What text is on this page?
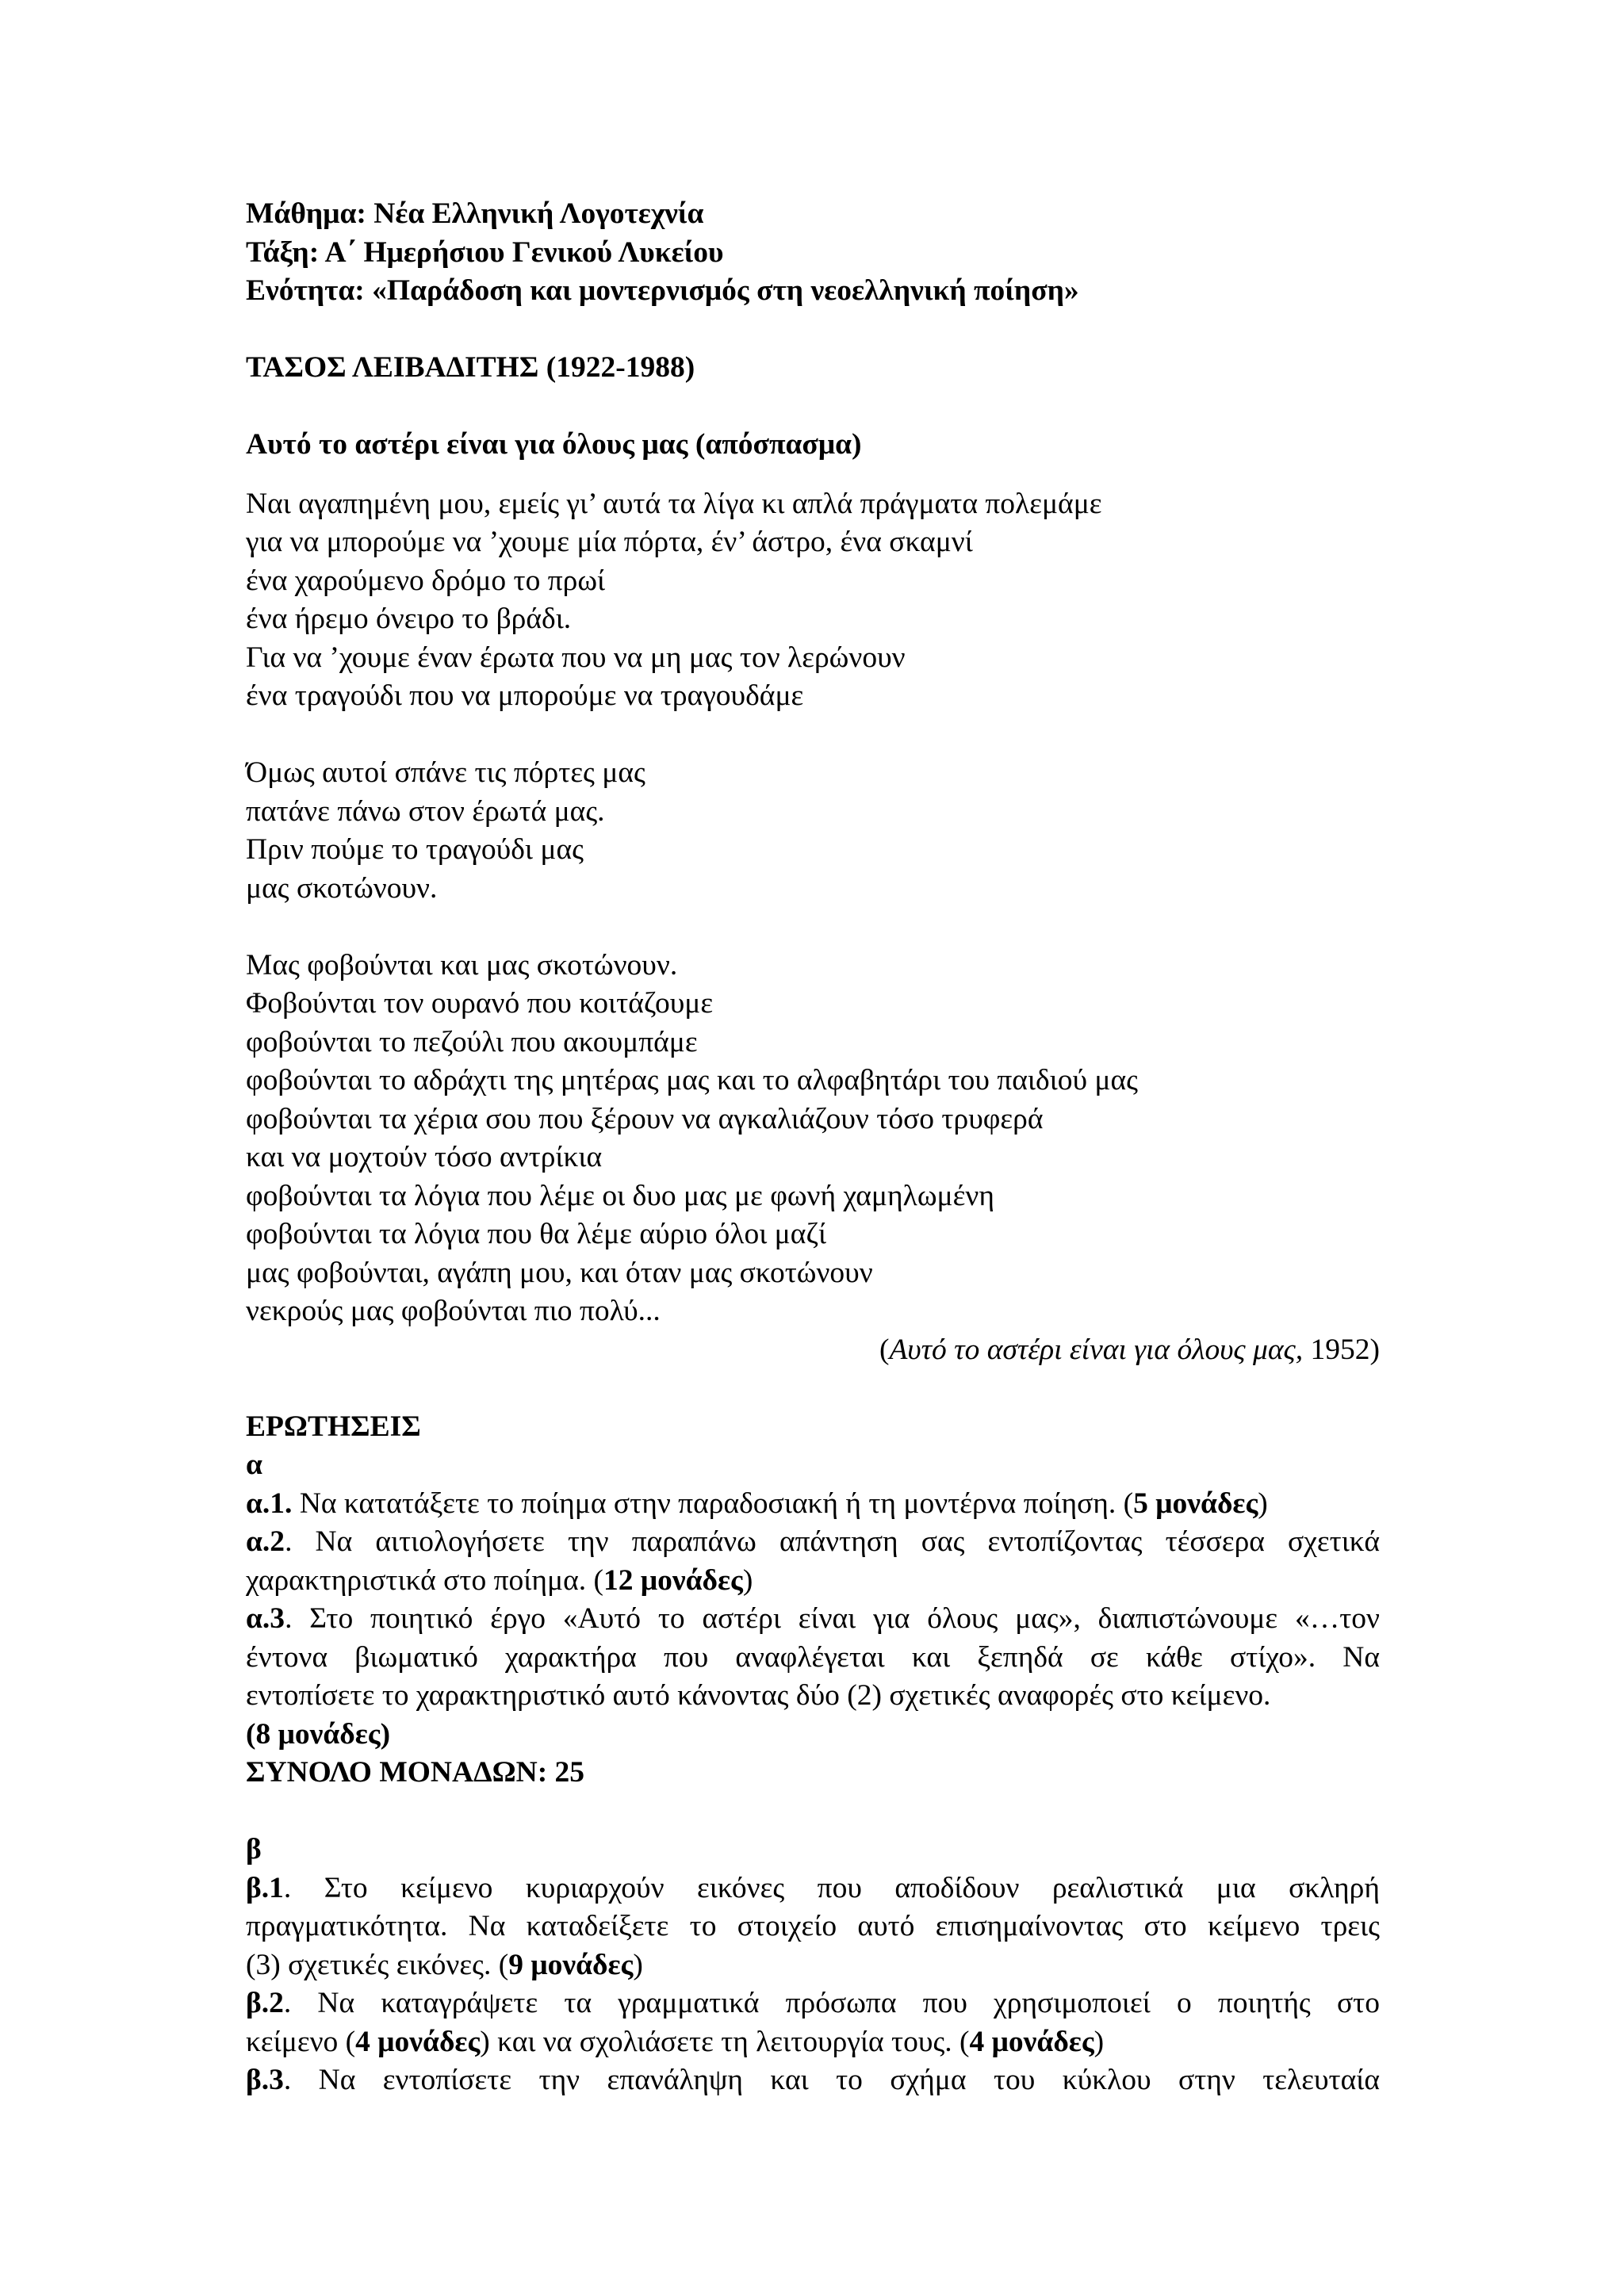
Μάθημα: Νέα Ελληνική Λογοτεχνία
Τάξη: Α΄ Ημερήσιου Γενικού Λυκείου
Ενότητα: «Παράδοση και μοντερνισμός στη νεοελληνική ποίηση»
ΤΑΣΟΣ ΛΕΙΒΑΔΙΤΗΣ (1922-1988)
Αυτό το αστέρι είναι για όλους μας (απόσπασμα)
Ναι αγαπημένη μου, εμείς γι’ αυτά τα λίγα κι απλά πράγματα πολεμάμε
για να μπορούμε να ’χουμε μία πόρτα, έν’ άστρο, ένα σκαμνί
ένα χαρούμενο δρόμο το πρωί
ένα ήρεμο όνειρο το βράδι.
Για να ’χουμε έναν έρωτα που να μη μας τον λερώνουν
ένα τραγούδι που να μπορούμε να τραγουδάμε
Όμως αυτοί σπάνε τις πόρτες μας
πατάνε πάνω στον έρωτά μας.
Πριν πούμε το τραγούδι μας
μας σκοτώνουν.
Μας φοβούνται και μας σκοτώνουν.
Φοβούνται τον ουρανό που κοιτάζουμε
φοβούνται το πεζούλι που ακουμπάμε
φοβούνται το αδράχτι της μητέρας μας και το αλφαβητάρι του παιδιού μας
φοβούνται τα χέρια σου που ξέρουν να αγκαλιάζουν τόσο τρυφερά
και να μοχτούν τόσο αντρίκια
φοβούνται τα λόγια που λέμε οι δυο μας με φωνή χαμηλωμένη
φοβούνται τα λόγια που θα λέμε αύριο όλοι μαζί
μας φοβούνται, αγάπη μου, και όταν μας σκοτώνουν
νεκρούς μας φοβούνται πιο πολύ...
(Αυτό το αστέρι είναι για όλους μας, 1952)
ΕΡΩΤΗΣΕΙΣ
α
α.1. Να κατατάξετε το ποίημα στην παραδοσιακή ή τη μοντέρνα ποίηση. (5 μονάδες)
α.2. Να αιτιολογήσετε την παραπάνω απάντηση σας εντοπίζοντας τέσσερα σχετικά
χαρακτηριστικά στο ποίημα. (12 μονάδες)
α.3. Στο ποιητικό έργο «Αυτό το αστέρι είναι για όλους μας», διαπιστώνουμε «…τον
έντονα βιωματικό χαρακτήρα που αναφλέγεται και ξεπηδά σε κάθε στίχο». Να
εντοπίσετε το χαρακτηριστικό αυτό κάνοντας δύο (2) σχετικές αναφορές στο κείμενο.
(8 μονάδες)
ΣΥΝΟΛΟ ΜΟΝΑΔΩΝ: 25
β
β.1. Στο κείμενο κυριαρχούν εικόνες που αποδίδουν ρεαλιστικά μια σκληρή
πραγματικότητα. Να καταδείξετε το στοιχείο αυτό επισημαίνοντας στο κείμενο τρεις
(3) σχετικές εικόνες. (9 μονάδες)
β.2. Να καταγράψετε τα γραμματικά πρόσωπα που χρησιμοποιεί ο ποιητής στο
κείμενο (4 μονάδες) και να σχολιάσετε τη λειτουργία τους. (4 μονάδες)
β.3. Να εντοπίσετε την επανάληψη και το σχήμα του κύκλου στην τελευταία
